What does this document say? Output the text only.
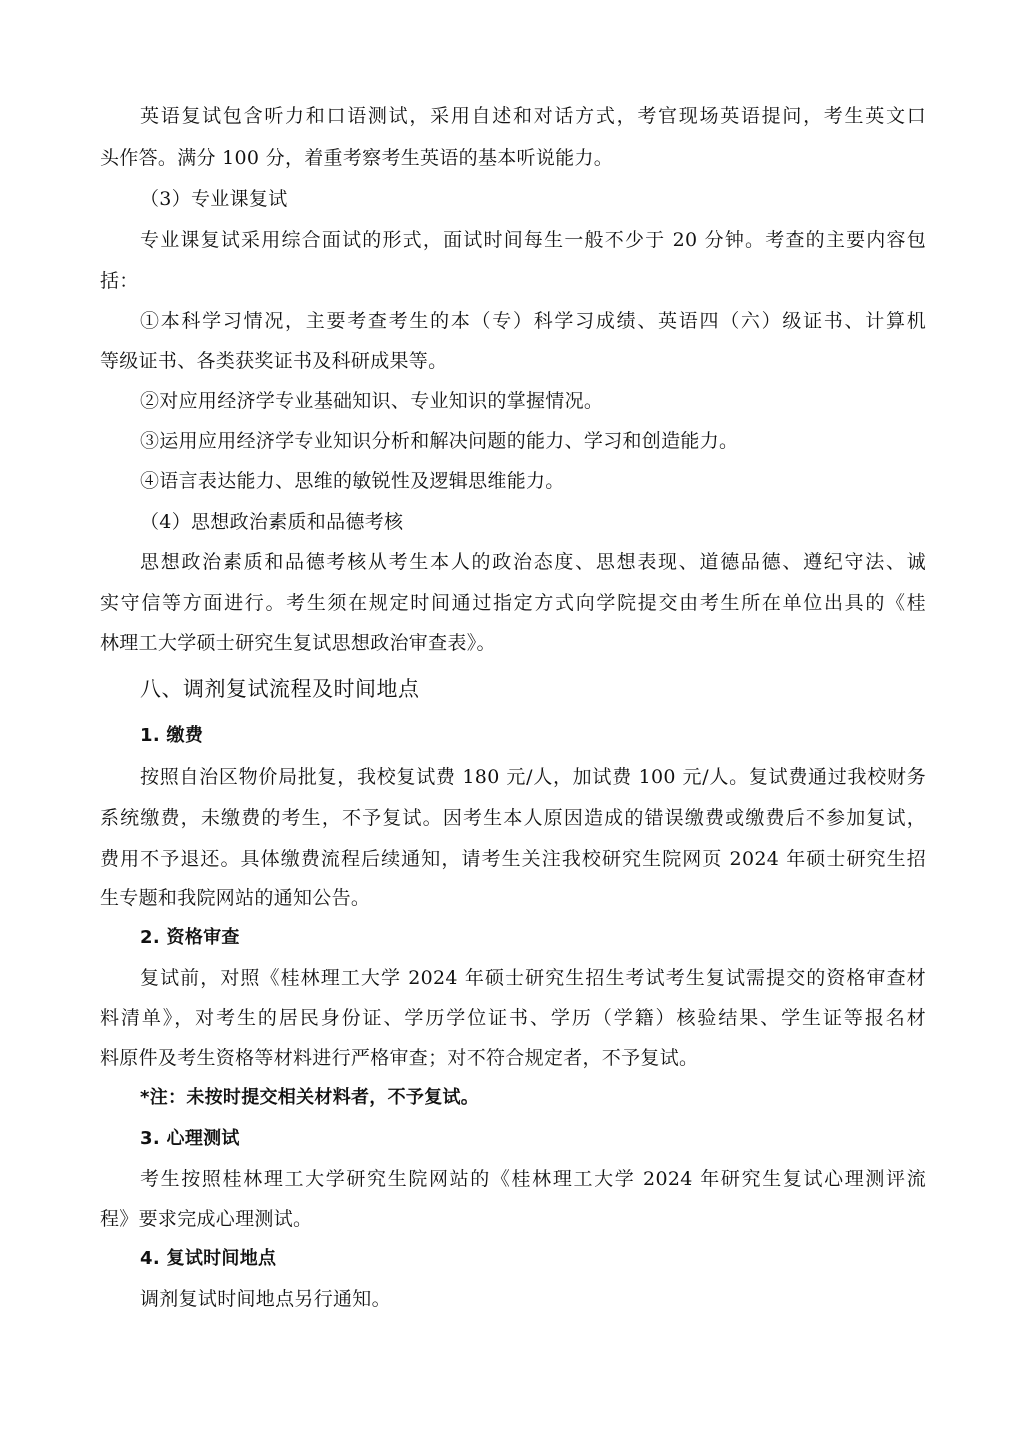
英语复试包含听力和口语测试，采用自述和对话方式，考官现场英语提问，考生英文口
头作答。满分 100 分，着重考察考生英语的基本听说能力。
（3）专业课复试
专业课复试采用综合面试的形式，面试时间每生一般不少于 20 分钟。考查的主要内容包
括：
①本科学习情况，主要考查考生的本（专）科学习成绩、英语四（六）级证书、计算机
等级证书、各类获奖证书及科研成果等。
②对应用经济学专业基础知识、专业知识的掌握情况。
③运用应用经济学专业知识分析和解决问题的能力、学习和创造能力。
④语言表达能力、思维的敏锐性及逻辑思维能力。
（4）思想政治素质和品德考核
思想政治素质和品德考核从考生本人的政治态度、思想表现、道德品德、遵纪守法、诚
实守信等方面进行。考生须在规定时间通过指定方式向学院提交由考生所在单位出具的《桂
林理工大学硕士研究生复试思想政治审查表》。
八、调剂复试流程及时间地点
1. 缴费
按照自治区物价局批复，我校复试费 180 元/人，加试费 100 元/人。复试费通过我校财务
系统缴费，未缴费的考生，不予复试。因考生本人原因造成的错误缴费或缴费后不参加复试，
费用不予退还。具体缴费流程后续通知，请考生关注我校研究生院网页 2024 年硕士研究生招
生专题和我院网站的通知公告。
2. 资格审查
复试前，对照《桂林理工大学 2024 年硕士研究生招生考试考生复试需提交的资格审查材
料清单》，对考生的居民身份证、学历学位证书、学历（学籍）核验结果、学生证等报名材
料原件及考生资格等材料进行严格审查；对不符合规定者，不予复试。
*注：未按时提交相关材料者，不予复试。
3. 心理测试
考生按照桂林理工大学研究生院网站的《桂林理工大学 2024 年研究生复试心理测评流
程》要求完成心理测试。
4. 复试时间地点
调剂复试时间地点另行通知。
